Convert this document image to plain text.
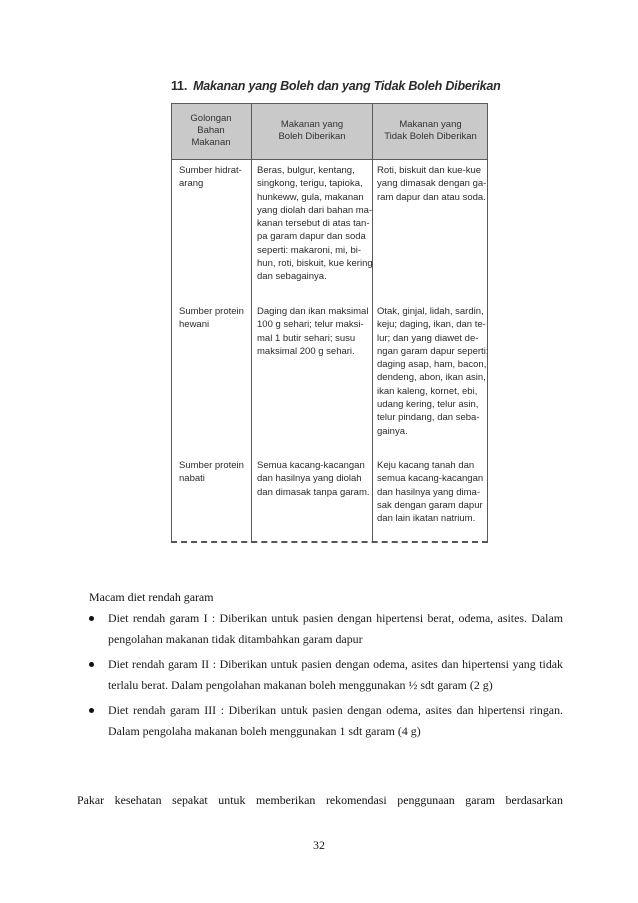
11. Makanan yang Boleh dan yang Tidak Boleh Diberikan
Golongan
Bahan
Makanan
Makanan yang
Boleh Diberikan
Makanan yang
Tidak Boleh Diberikan
Sumber hidrat-
arang
Beras, bulgur, kentang,
singkong, terigu, tapioka,
hunkeww, gula, makanan
yang diolah dari bahan ma-
kanan tersebut di atas tan-
pa garam dapur dan soda
seperti: makaroni, mi, bi-
hun, roti, biskuit, kue kering
dan sebagainya.
Roti, biskuit dan kue-kue
yang dimasak dengan ga-
ram dapur dan atau soda.
Sumber protein
hewani
Daging dan ikan maksimal
100 g sehari; telur maksi-
mal 1 butir sehari; susu
maksimal 200 g sehari.
Otak, ginjal, lidah, sardin,
keju; daging, ikan, dan te-
lur; dan yang diawet de-
ngan garam dapur seperti:
daging asap, ham, bacon,
dendeng, abon, ikan asin,
ikan kaleng, kornet, ebi,
udang kering, telur asin,
telur pindang, dan seba-
gainya.
Sumber protein
nabati
Semua kacang-kacangan
dan hasilnya yang diolah
dan dimasak tanpa garam.
Keju kacang tanah dan
semua kacang-kacangan
dan hasilnya yang dima-
sak dengan garam dapur
dan lain ikatan natrium.
Macam diet rendah garam
Diet rendah garam I : Diberikan untuk pasien dengan hipertensi berat, odema, asites. Dalam pengolahan makanan tidak ditambahkan garam dapur
Diet rendah garam II : Diberikan untuk pasien dengan odema, asites dan hipertensi yang tidak terlalu berat. Dalam pengolahan makanan boleh menggunakan ½ sdt garam (2 g)
Diet rendah garam III : Diberikan untuk pasien dengan odema, asites dan hipertensi ringan. Dalam pengolaha makanan boleh menggunakan 1 sdt garam (4 g)
Pakar kesehatan sepakat untuk memberikan rekomendasi penggunaan garam berdasarkan
32
